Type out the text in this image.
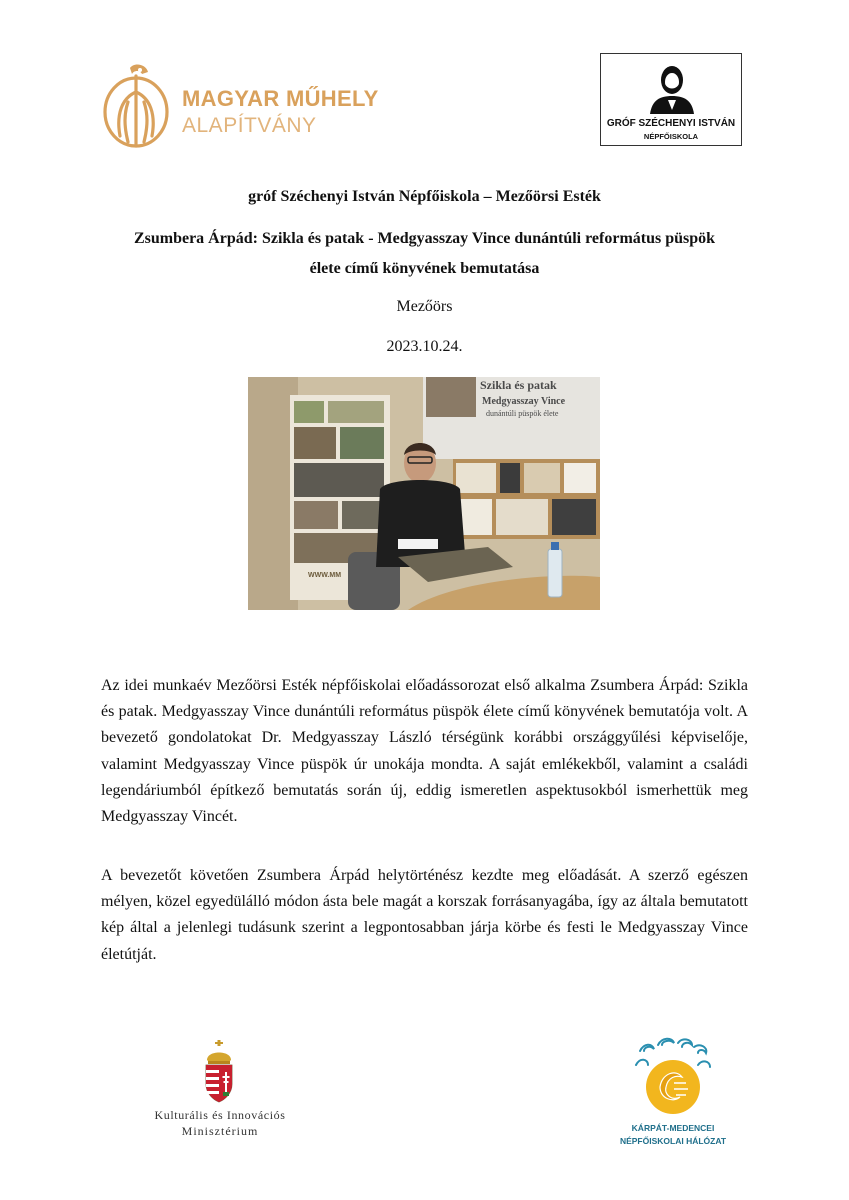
MAGYAR MŰHELY
ALAPÍTVÁNY	GRÓF SZÉCHENYI ISTVÁN
NÉPFŐISKOLA
gróf Széchenyi István Népfőiskola – Mezőörsi Esték
Zsumbera Árpád: Szikla és patak - Medgyasszay Vince dunántúli református püspök
élete című könyvének bemutatása
Mezőörs
2023.10.24.
Szikla és patak
Medgyasszay Vince
dunántúli püspök élete
WWW.MM

Az idei munkaév Mezőörsi Esték népfőiskolai előadássorozat első alkalma Zsumbera Árpád: Szikla és patak. Medgyasszay Vince dunántúli református püspök élete című könyvének bemutatója volt. A bevezető gondolatokat Dr. Medgyasszay László térségünk korábbi országgyűlési képviselője, valamint Medgyasszay Vince püspök úr unokája mondta. A saját emlékekből, valamint a családi legendáriumból építkező bemutatás során új, eddig ismeretlen aspektusokból ismerhettük meg Medgyasszay Vincét.

A bevezetőt követően Zsumbera Árpád helytörténész kezdte meg előadását. A szerző egészen mélyen, közel egyedülálló módon ásta bele magát a korszak forrásanyagába, így az általa bemutatott kép által a jelenlegi tudásunk szerint a legpontosabban járja körbe és festi le Medgyasszay Vince életútját.

Kulturális és Innovációs
Minisztérium	KÁRPÁT-MEDENCEI
NÉPFŐISKOLAI HÁLÓZAT
